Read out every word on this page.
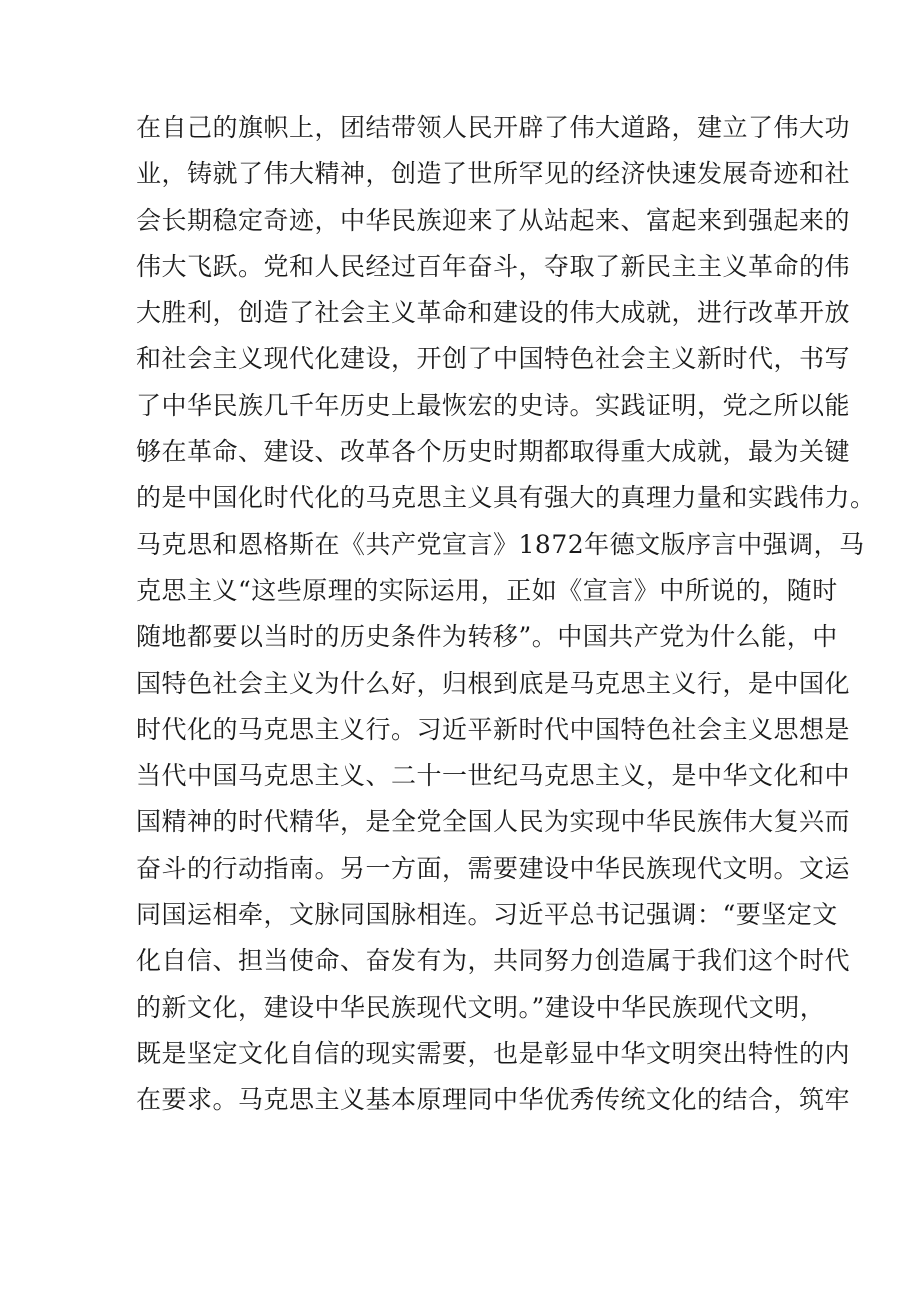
在自己的旗帜上，团结带领人民开辟了伟大道路，建立了伟大功
业，铸就了伟大精神，创造了世所罕见的经济快速发展奇迹和社
会长期稳定奇迹，中华民族迎来了从站起来、富起来到强起来的
伟大飞跃。党和人民经过百年奋斗，夺取了新民主主义革命的伟
大胜利，创造了社会主义革命和建设的伟大成就，进行改革开放
和社会主义现代化建设，开创了中国特色社会主义新时代，书写
了中华民族几千年历史上最恢宏的史诗。实践证明，党之所以能
够在革命、建设、改革各个历史时期都取得重大成就，最为关键
的是中国化时代化的马克思主义具有强大的真理力量和实践伟力。
马克思和恩格斯在《共产党宣言》1872年德文版序言中强调，马
克思主义“这些原理的实际运用，正如《宣言》中所说的，随时
随地都要以当时的历史条件为转移”。中国共产党为什么能，中
国特色社会主义为什么好，归根到底是马克思主义行，是中国化
时代化的马克思主义行。习近平新时代中国特色社会主义思想是
当代中国马克思主义、二十一世纪马克思主义，是中华文化和中
国精神的时代精华，是全党全国人民为实现中华民族伟大复兴而
奋斗的行动指南。另一方面，需要建设中华民族现代文明。文运
同国运相牵，文脉同国脉相连。习近平总书记强调：“要坚定文
化自信、担当使命、奋发有为，共同努力创造属于我们这个时代
的新文化，建设中华民族现代文明。”建设中华民族现代文明，
既是坚定文化自信的现实需要，也是彰显中华文明突出特性的内
在要求。马克思主义基本原理同中华优秀传统文化的结合，筑牢
